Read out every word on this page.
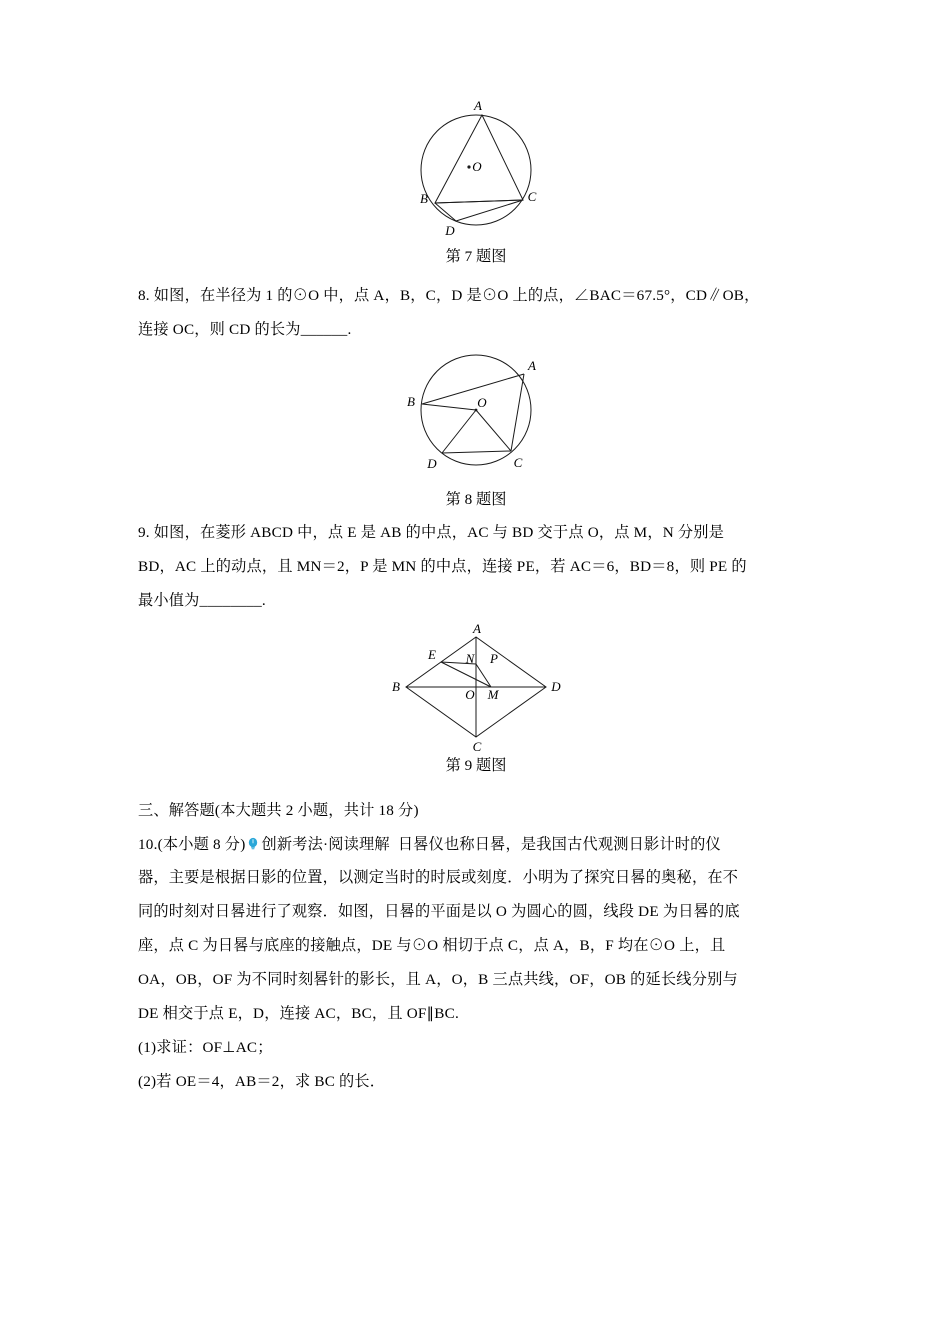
A
B	C
D
O

第 7 题图

8. 如图，在半径为 1 的⊙O 中，点 A，B，C，D 是⊙O 上的点，∠BAC＝67.5°，CD∥OB，

连接 OC，则 CD 的长为______.

A
B	O
D	C

第 8 题图

9. 如图，在菱形 ABCD 中，点 E 是 AB 的中点，AC 与 BD 交于点 O，点 M，N 分别是

BD，AC 上的动点，且 MN＝2，P 是 MN 的中点，连接 PE，若 AC＝6，BD＝8，则 PE 的

最小值为________.

E
A
N P
B
O M
D
C

第 9 题图

三、解答题(本大题共 2 小题，共计 18 分)

10.(本小题 8 分) 创新考法·阅读理解 日晷仪也称日晷，是我国古代观测日影计时的仪

器，主要是根据日影的位置，以测定当时的时辰或刻度．小明为了探究日晷的奥秘，在不

同的时刻对日晷进行了观察．如图，日晷的平面是以 O 为圆心的圆，线段 DE 为日晷的底

座，点 C 为日晷与底座的接触点，DE 与⊙O 相切于点 C，点 A，B，F 均在⊙O 上，且

OA，OB，OF 为不同时刻晷针的影长，且 A，O，B 三点共线，OF，OB 的延长线分别与

DE 相交于点 E，D，连接 AC，BC，且 OF∥BC.

(1)求证：OF⊥AC；

(2)若 OE＝4，AB＝2，求 BC 的长．
